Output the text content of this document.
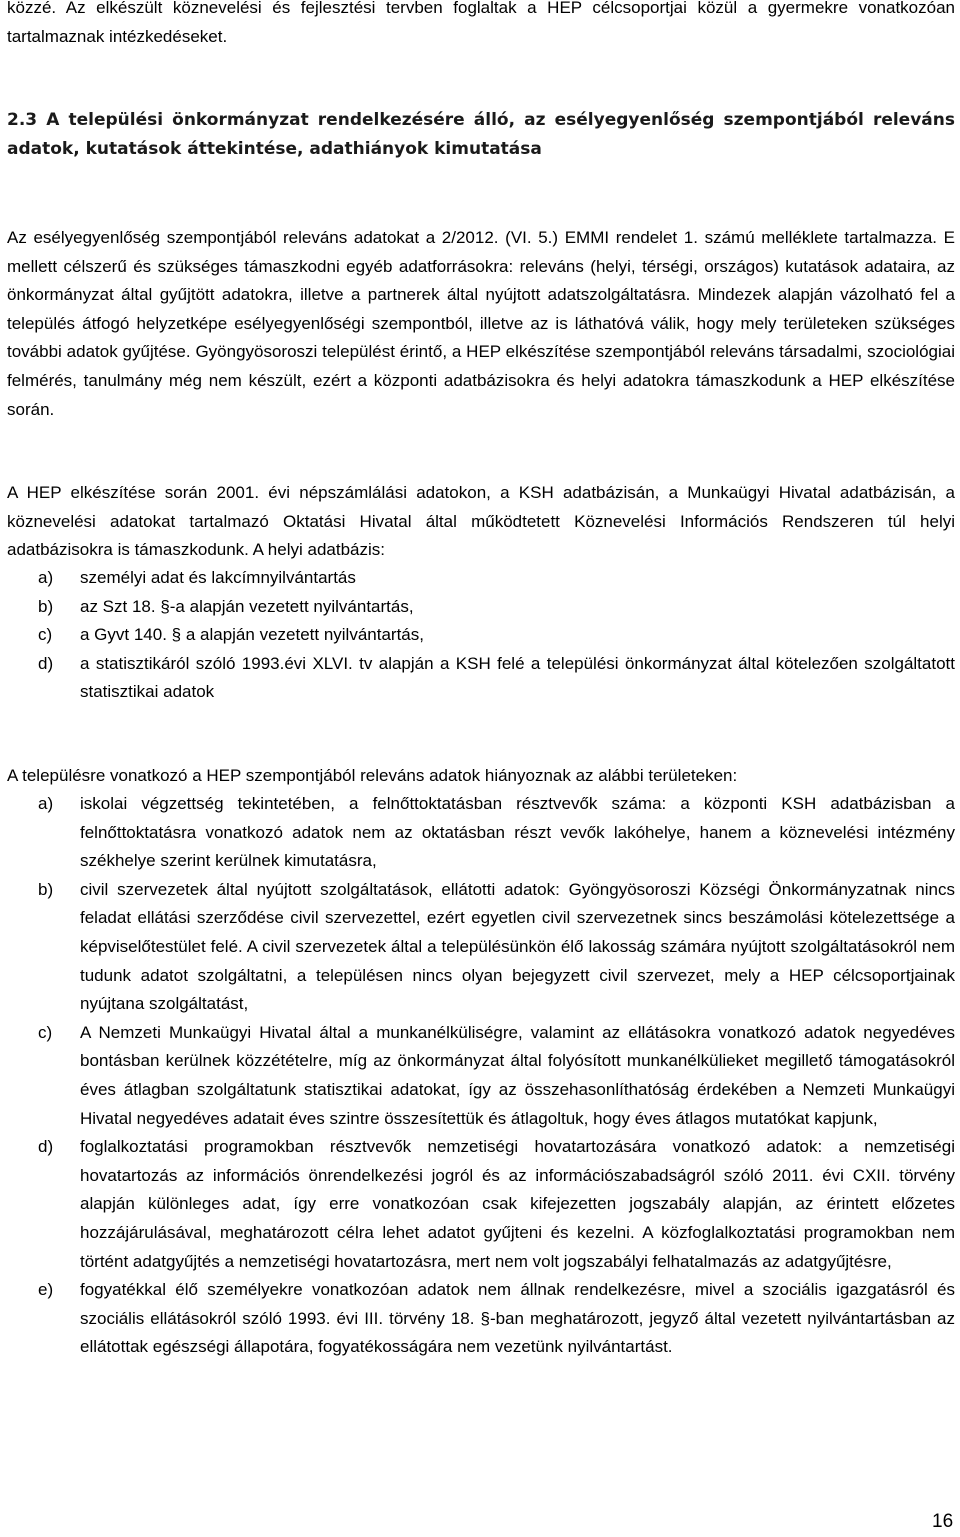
közzé. Az elkészült köznevelési és fejlesztési tervben foglaltak a HEP célcsoportjai közül a gyermekre vonatkozóan tartalmaznak intézkedéseket.

2.3 A települési önkormányzat rendelkezésére álló, az esélyegyenlőség szempontjából releváns adatok, kutatások áttekintése, adathiányok kimutatása

Az esélyegyenlőség szempontjából releváns adatokat a 2/2012. (VI. 5.) EMMI rendelet 1. számú melléklete tartalmazza. E mellett célszerű és szükséges támaszkodni egyéb adatforrásokra: releváns (helyi, térségi, országos) kutatások adataira, az önkormányzat által gyűjtött adatokra, illetve a partnerek által nyújtott adatszolgáltatásra. Mindezek alapján vázolható fel a település átfogó helyzetképe esélyegyenlőségi szempontból, illetve az is láthatóvá válik, hogy mely területeken szükséges további adatok gyűjtése. Gyöngyösoroszi települést érintő, a HEP elkészítése szempontjából releváns társadalmi, szociológiai felmérés, tanulmány még nem készült, ezért a központi adatbázisokra és helyi adatokra támaszkodunk a HEP elkészítése során.

A HEP elkészítése során 2001. évi népszámlálási adatokon, a KSH adatbázisán, a Munkaügyi Hivatal adatbázisán, a köznevelési adatokat tartalmazó Oktatási Hivatal által működtetett Köznevelési Információs Rendszeren túl helyi adatbázisokra is támaszkodunk. A helyi adatbázis:

a) személyi adat és lakcímnyilvántartás
b) az Szt 18. §-a alapján vezetett nyilvántartás,
c) a Gyvt 140. § a alapján vezetett nyilvántartás,
d) a statisztikáról szóló 1993.évi XLVI. tv alapján a KSH felé a települési önkormányzat által kötelezően szolgáltatott statisztikai adatok

A településre vonatkozó a HEP szempontjából releváns adatok hiányoznak az alábbi területeken:

a) iskolai végzettség tekintetében, a felnőttoktatásban résztvevők száma: a központi KSH adatbázisban a felnőttoktatásra vonatkozó adatok nem az oktatásban részt vevők lakóhelye, hanem a köznevelési intézmény székhelye szerint kerülnek kimutatásra,
b) civil szervezetek által nyújtott szolgáltatások, ellátotti adatok: Gyöngyösoroszi Községi Önkormányzatnak nincs feladat ellátási szerződése civil szervezettel, ezért egyetlen civil szervezetnek sincs beszámolási kötelezettsége a képviselőtestület felé. A civil szervezetek által a településünkön élő lakosság számára nyújtott szolgáltatásokról nem tudunk adatot szolgáltatni, a településen nincs olyan bejegyzett civil szervezet, mely a HEP célcsoportjainak nyújtana szolgáltatást,
c) A Nemzeti Munkaügyi Hivatal által a munkanélküliségre, valamint az ellátásokra vonatkozó adatok negyedéves bontásban kerülnek közzétételre, míg az önkormányzat által folyósított munkanélkülieket megillető támogatásokról éves átlagban szolgáltatunk statisztikai adatokat, így az összehasonlíthatóság érdekében a Nemzeti Munkaügyi Hivatal negyedéves adatait éves szintre összesítettük és átlagoltuk, hogy éves átlagos mutatókat kapjunk,
d) foglalkoztatási programokban résztvevők nemzetiségi hovatartozására vonatkozó adatok: a nemzetiségi hovatartozás az információs önrendelkezési jogról és az információszabadságról szóló 2011. évi CXII. törvény alapján különleges adat, így erre vonatkozóan csak kifejezetten jogszabály alapján, az érintett előzetes hozzájárulásával, meghatározott célra lehet adatot gyűjteni és kezelni. A közfoglalkoztatási programokban nem történt adatgyűjtés a nemzetiségi hovatartozásra, mert nem volt jogszabályi felhatalmazás az adatgyűjtésre,
e) fogyatékkal élő személyekre vonatkozóan adatok nem állnak rendelkezésre, mivel a szociális igazgatásról és szociális ellátásokról szóló 1993. évi III. törvény 18. §-ban meghatározott, jegyző által vezetett nyilvántartásban az ellátottak egészségi állapotára, fogyatékosságára nem vezetünk nyilvántartást.
16
